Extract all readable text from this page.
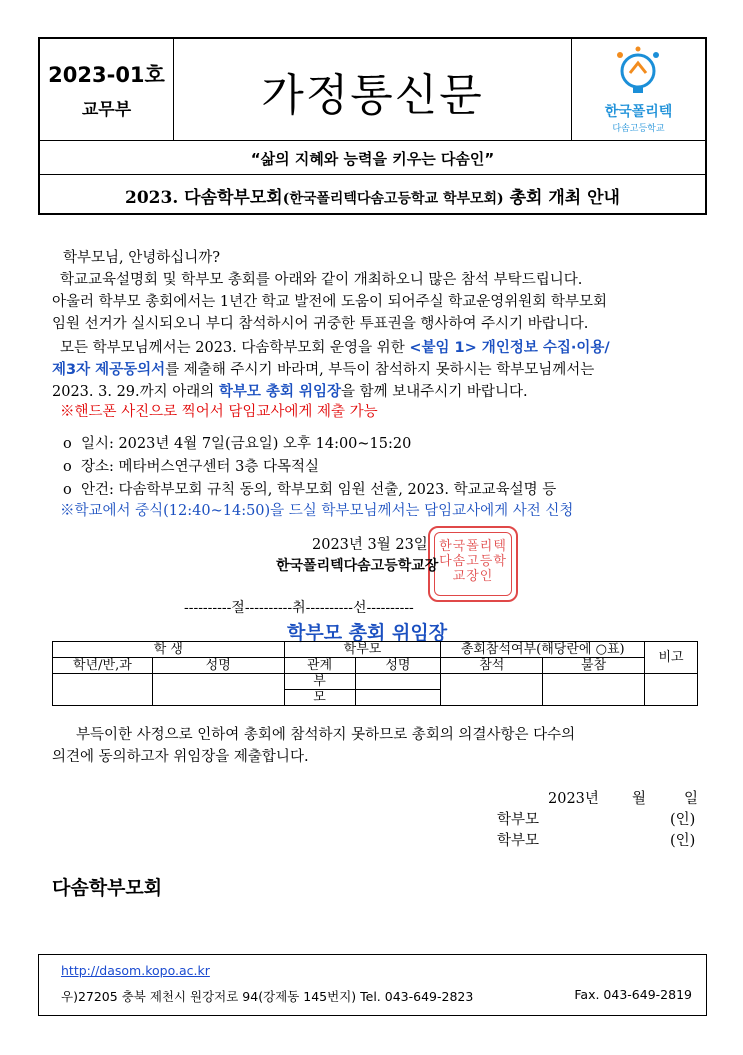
2023-01호
교무부	가정통신문	한국폴리텍
다솜고등학교
“삶의 지혜와 능력을 키우는 다솜인”
2023. 다솜학부모회(한국폴리텍다솜고등학교 학부모회) 총회 개최 안내
학부모님, 안녕하십니까?
학교교육설명회 및 학부모 총회를 아래와 같이 개최하오니 많은 참석 부탁드립니다.
아울러 학부모 총회에서는 1년간 학교 발전에 도움이 되어주실 학교운영위원회 학부모회
임원 선거가 실시되오니 부디 참석하시어 귀중한 투표권을 행사하여 주시기 바랍니다.
모든 학부모님께서는 2023. 다솜학부모회 운영을 위한 <붙임 1> 개인정보 수집·이용/
제3자 제공동의서를 제출해 주시기 바라며, 부득이 참석하지 못하시는 학부모님께서는
2023. 3. 29.까지 아래의 학부모 총회 위임장을 함께 보내주시기 바랍니다.
※핸드폰 사진으로 찍어서 담임교사에게 제출 가능
o 일시: 2023년 4월 7일(금요일) 오후 14:00~15:20
o 장소: 메타버스연구센터 3층 다목적실
o 안건: 다솜학부모회 규칙 동의, 학부모회 임원 선출, 2023. 학교교육설명 등
※학교에서 중식(12:40~14:50)을 드실 학부모님께서는 담임교사에게 사전 신청
한국폴리텍다솜고등학교장인
2023년 3월 23일
한국폴리텍다솜고등학교장
----------절----------취----------선----------
학부모 총회 위임장
학 생		학부모		총회참석여부(해당란에 ○표)		비고
학년/반,과	성명	관계	성명	참석	불참	
		부				
		모				
부득이한 사정으로 인하여 총회에 참석하지 못하므로 총회의 의결사항은 다수의
의견에 동의하고자 위임장을 제출합니다.
2023년 월	일
학부모	(인)
학부모	(인)
다솜학부모회
http://dasom.kopo.ac.kr
우)27205 충북 제천시 원강저로 94(강제동 145번지) Tel. 043-649-2823	Fax. 043-649-2819
